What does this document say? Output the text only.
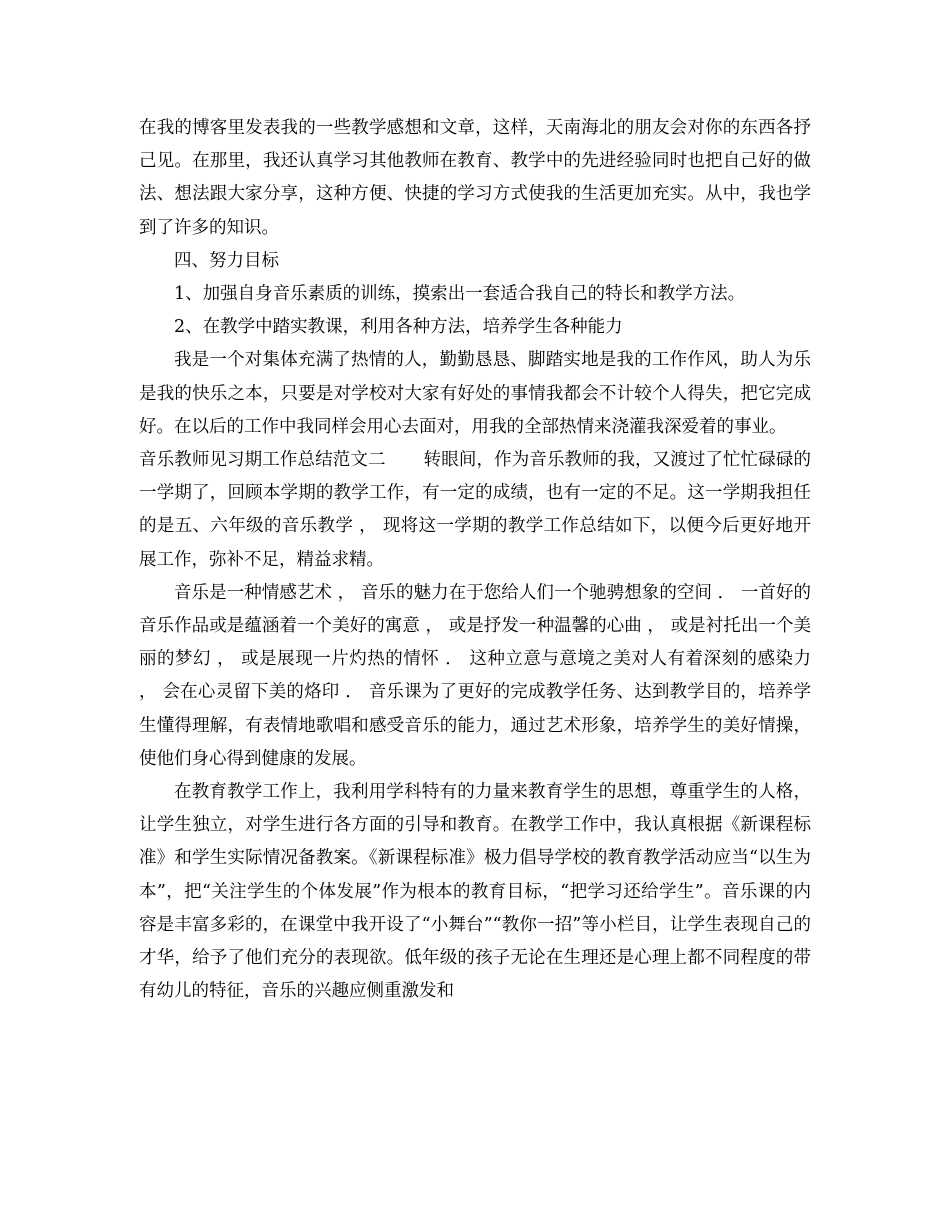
在我的博客里发表我的一些教学感想和文章，这样，天南海北的朋友会对你的东西各抒己见。在那里，我还认真学习其他教师在教育、教学中的先进经验同时也把自己好的做法、想法跟大家分享，这种方便、快捷的学习方式使我的生活更加充实。从中，我也学到了许多的知识。

四、努力目标

1、加强自身音乐素质的训练，摸索出一套适合我自己的特长和教学方法。

2、在教学中踏实教课，利用各种方法，培养学生各种能力

我是一个对集体充满了热情的人，勤勤恳恳、脚踏实地是我的工作作风，助人为乐是我的快乐之本，只要是对学校对大家有好处的事情我都会不计较个人得失，把它完成好。在以后的工作中我同样会用心去面对，用我的全部热情来浇灌我深爱着的事业。

音乐教师见习期工作总结范文二 转眼间，作为音乐教师的我，又渡过了忙忙碌碌的一学期了，回顾本学期的教学工作，有一定的成绩，也有一定的不足。这一学期我担任的是五、六年级的音乐教学 ， 现将这一学期的教学工作总结如下，以便今后更好地开展工作，弥补不足，精益求精。

音乐是一种情感艺术 ， 音乐的魅力在于您给人们一个驰骋想象的空间 ． 一首好的音乐作品或是蕴涵着一个美好的寓意 ， 或是抒发一种温馨的心曲 ， 或是衬托出一个美丽的梦幻 ， 或是展现一片灼热的情怀 ． 这种立意与意境之美对人有着深刻的感染力 ， 会在心灵留下美的烙印 ． 音乐课为了更好的完成教学任务、达到教学目的，培养学生懂得理解，有表情地歌唱和感受音乐的能力，通过艺术形象，培养学生的美好情操，使他们身心得到健康的发展。

在教育教学工作上，我利用学科特有的力量来教育学生的思想，尊重学生的人格，让学生独立，对学生进行各方面的引导和教育。在教学工作中，我认真根据《新课程标准》和学生实际情况备教案。《新课程标准》极力倡导学校的教育教学活动应当“以生为本”，把“关注学生的个体发展”作为根本的教育目标，“把学习还给学生”。音乐课的内容是丰富多彩的，在课堂中我开设了“小舞台”“教你一招”等小栏目，让学生表现自己的才华，给予了他们充分的表现欲。低年级的孩子无论在生理还是心理上都不同程度的带有幼儿的特征，音乐的兴趣应侧重激发和
